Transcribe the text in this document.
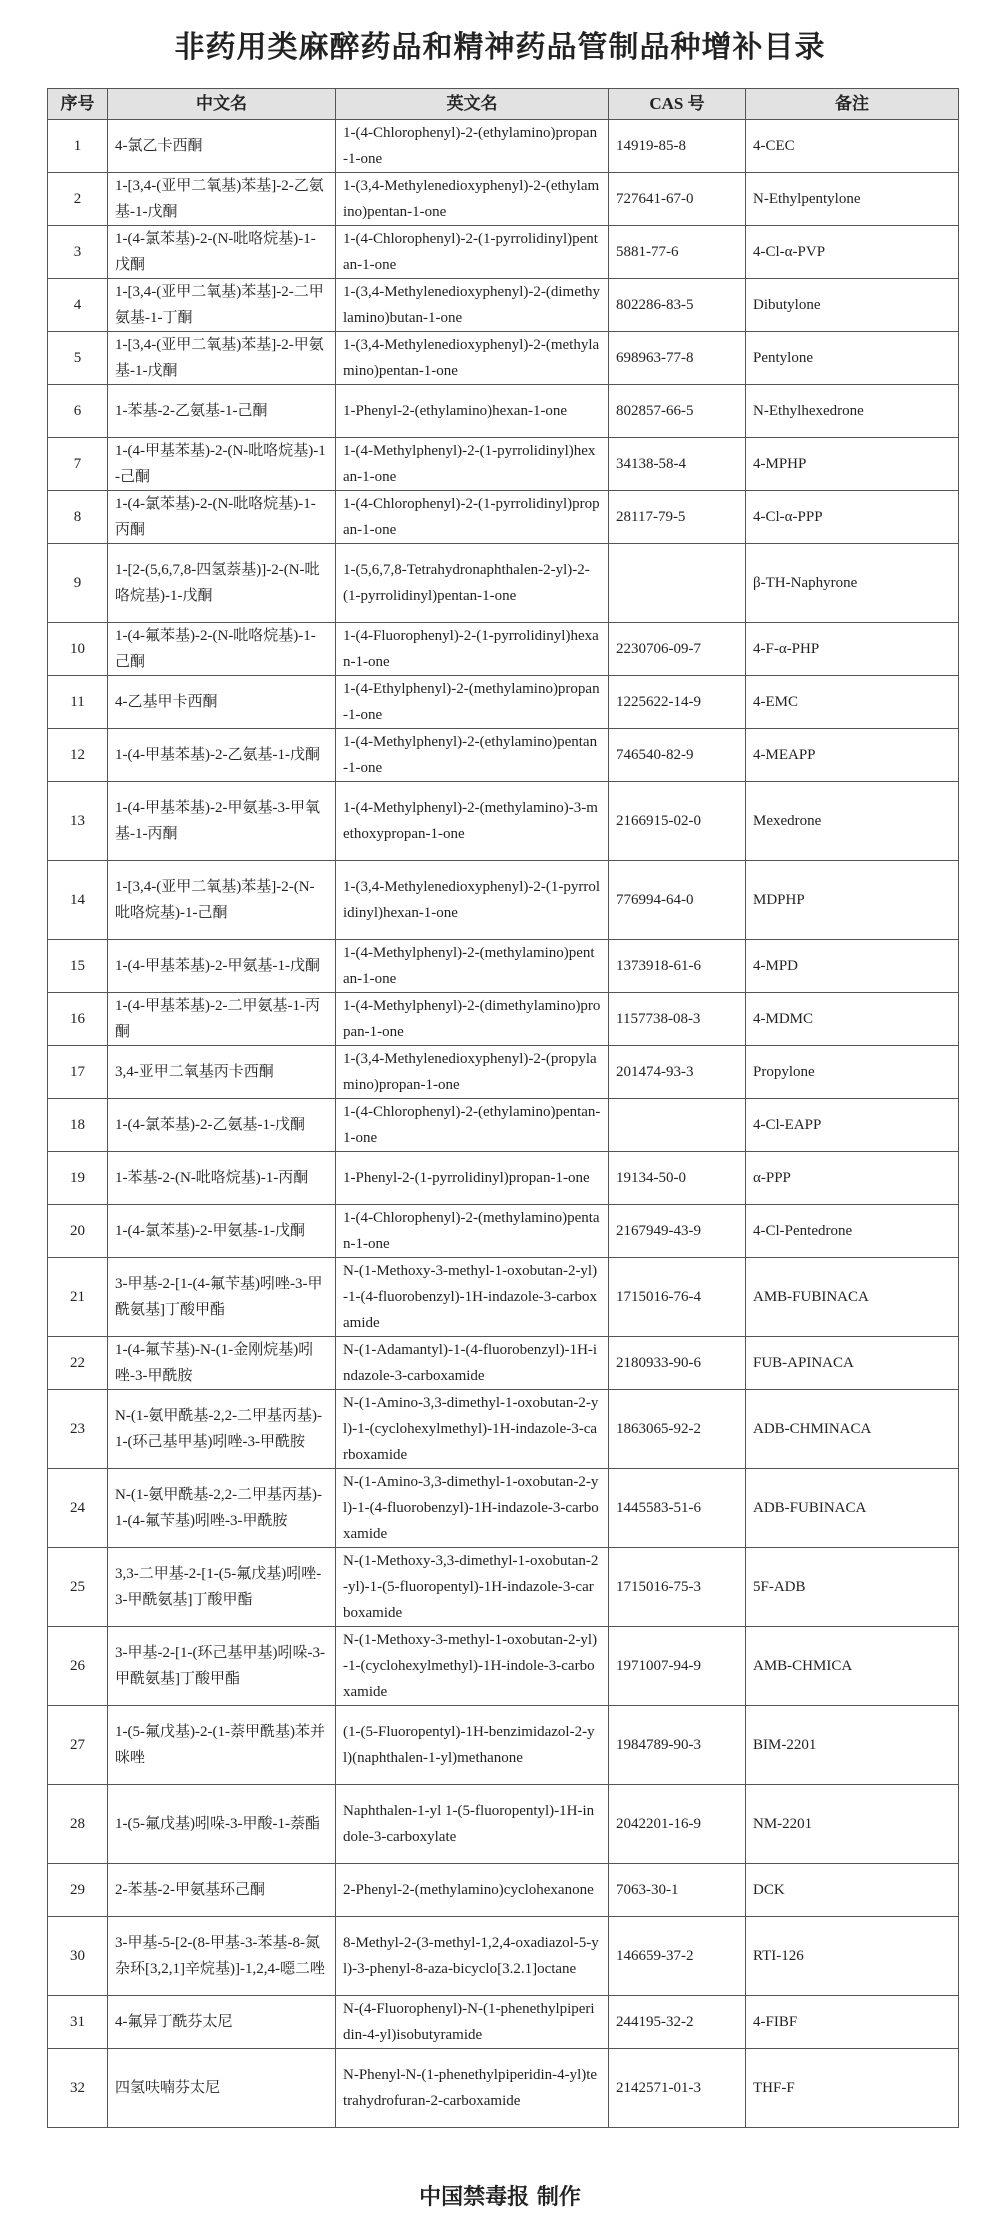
非药用类麻醉药品和精神药品管制品种增补目录
序号	中文名	英文名	CAS 号	备注
1	4-氯乙卡西酮	1-(4-Chlorophenyl)-2-(ethylamino)propan-1-one	14919-85-8	4-CEC
2	1-[3,4-(亚甲二氧基)苯基]-2-乙氨基-1-戊酮	1-(3,4-Methylenedioxyphenyl)-2-(ethylamino)pentan-1-one	727641-67-0	N-Ethylpentylone
3	1-(4-氯苯基)-2-(N-吡咯烷基)-1-戊酮	1-(4-Chlorophenyl)-2-(1-pyrrolidinyl)pentan-1-one	5881-77-6	4-Cl-α-PVP
4	1-[3,4-(亚甲二氧基)苯基]-2-二甲氨基-1-丁酮	1-(3,4-Methylenedioxyphenyl)-2-(dimethylamino)butan-1-one	802286-83-5	Dibutylone
5	1-[3,4-(亚甲二氧基)苯基]-2-甲氨基-1-戊酮	1-(3,4-Methylenedioxyphenyl)-2-(methylamino)pentan-1-one	698963-77-8	Pentylone
6	1-苯基-2-乙氨基-1-己酮	1-Phenyl-2-(ethylamino)hexan-1-one	802857-66-5	N-Ethylhexedrone
7	1-(4-甲基苯基)-2-(N-吡咯烷基)-1-己酮	1-(4-Methylphenyl)-2-(1-pyrrolidinyl)hexan-1-one	34138-58-4	4-MPHP
8	1-(4-氯苯基)-2-(N-吡咯烷基)-1-丙酮	1-(4-Chlorophenyl)-2-(1-pyrrolidinyl)propan-1-one	28117-79-5	4-Cl-α-PPP
9	1-[2-(5,6,7,8-四氢萘基)]-2-(N-吡咯烷基)-1-戊酮	1-(5,6,7,8-Tetrahydronaphthalen-2-yl)-2-(1-pyrrolidinyl)pentan-1-one		β-TH-Naphyrone
10	1-(4-氟苯基)-2-(N-吡咯烷基)-1-己酮	1-(4-Fluorophenyl)-2-(1-pyrrolidinyl)hexan-1-one	2230706-09-7	4-F-α-PHP
11	4-乙基甲卡西酮	1-(4-Ethylphenyl)-2-(methylamino)propan-1-one	1225622-14-9	4-EMC
12	1-(4-甲基苯基)-2-乙氨基-1-戊酮	1-(4-Methylphenyl)-2-(ethylamino)pentan-1-one	746540-82-9	4-MEAPP
13	1-(4-甲基苯基)-2-甲氨基-3-甲氧基-1-丙酮	1-(4-Methylphenyl)-2-(methylamino)-3-methoxypropan-1-one	2166915-02-0	Mexedrone
14	1-[3,4-(亚甲二氧基)苯基]-2-(N-吡咯烷基)-1-己酮	1-(3,4-Methylenedioxyphenyl)-2-(1-pyrrolidinyl)hexan-1-one	776994-64-0	MDPHP
15	1-(4-甲基苯基)-2-甲氨基-1-戊酮	1-(4-Methylphenyl)-2-(methylamino)pentan-1-one	1373918-61-6	4-MPD
16	1-(4-甲基苯基)-2-二甲氨基-1-丙酮	1-(4-Methylphenyl)-2-(dimethylamino)propan-1-one	1157738-08-3	4-MDMC
17	3,4-亚甲二氧基丙卡西酮	1-(3,4-Methylenedioxyphenyl)-2-(propylamino)propan-1-one	201474-93-3	Propylone
18	1-(4-氯苯基)-2-乙氨基-1-戊酮	1-(4-Chlorophenyl)-2-(ethylamino)pentan-1-one		4-Cl-EAPP
19	1-苯基-2-(N-吡咯烷基)-1-丙酮	1-Phenyl-2-(1-pyrrolidinyl)propan-1-one	19134-50-0	α-PPP
20	1-(4-氯苯基)-2-甲氨基-1-戊酮	1-(4-Chlorophenyl)-2-(methylamino)pentan-1-one	2167949-43-9	4-Cl-Pentedrone
21	3-甲基-2-[1-(4-氟苄基)吲唑-3-甲酰氨基]丁酸甲酯	N-(1-Methoxy-3-methyl-1-oxobutan-2-yl)-1-(4-fluorobenzyl)-1H-indazole-3-carboxamide	1715016-76-4	AMB-FUBINACA
22	1-(4-氟苄基)-N-(1-金刚烷基)吲唑-3-甲酰胺	N-(1-Adamantyl)-1-(4-fluorobenzyl)-1H-indazole-3-carboxamide	2180933-90-6	FUB-APINACA
23	N-(1-氨甲酰基-2,2-二甲基丙基)-1-(环己基甲基)吲唑-3-甲酰胺	N-(1-Amino-3,3-dimethyl-1-oxobutan-2-yl)-1-(cyclohexylmethyl)-1H-indazole-3-carboxamide	1863065-92-2	ADB-CHMINACA
24	N-(1-氨甲酰基-2,2-二甲基丙基)-1-(4-氟苄基)吲唑-3-甲酰胺	N-(1-Amino-3,3-dimethyl-1-oxobutan-2-yl)-1-(4-fluorobenzyl)-1H-indazole-3-carboxamide	1445583-51-6	ADB-FUBINACA
25	3,3-二甲基-2-[1-(5-氟戊基)吲唑-3-甲酰氨基]丁酸甲酯	N-(1-Methoxy-3,3-dimethyl-1-oxobutan-2-yl)-1-(5-fluoropentyl)-1H-indazole-3-carboxamide	1715016-75-3	5F-ADB
26	3-甲基-2-[1-(环己基甲基)吲哚-3-甲酰氨基]丁酸甲酯	N-(1-Methoxy-3-methyl-1-oxobutan-2-yl)-1-(cyclohexylmethyl)-1H-indole-3-carboxamide	1971007-94-9	AMB-CHMICA
27	1-(5-氟戊基)-2-(1-萘甲酰基)苯并咪唑	(1-(5-Fluoropentyl)-1H-benzimidazol-2-yl)(naphthalen-1-yl)methanone	1984789-90-3	BIM-2201
28	1-(5-氟戊基)吲哚-3-甲酸-1-萘酯	Naphthalen-1-yl 1-(5-fluoropentyl)-1H-indole-3-carboxylate	2042201-16-9	NM-2201
29	2-苯基-2-甲氨基环己酮	2-Phenyl-2-(methylamino)cyclohexanone	7063-30-1	DCK
30	3-甲基-5-[2-(8-甲基-3-苯基-8-氮杂环[3,2,1]辛烷基)]-1,2,4-噁二唑	8-Methyl-2-(3-methyl-1,2,4-oxadiazol-5-yl)-3-phenyl-8-aza-bicyclo[3.2.1]octane	146659-37-2	RTI-126
31	4-氟异丁酰芬太尼	N-(4-Fluorophenyl)-N-(1-phenethylpiperidin-4-yl)isobutyramide	244195-32-2	4-FIBF
32	四氢呋喃芬太尼	N-Phenyl-N-(1-phenethylpiperidin-4-yl)tetrahydrofuran-2-carboxamide	2142571-01-3	THF-F
中国禁毒报 制作
